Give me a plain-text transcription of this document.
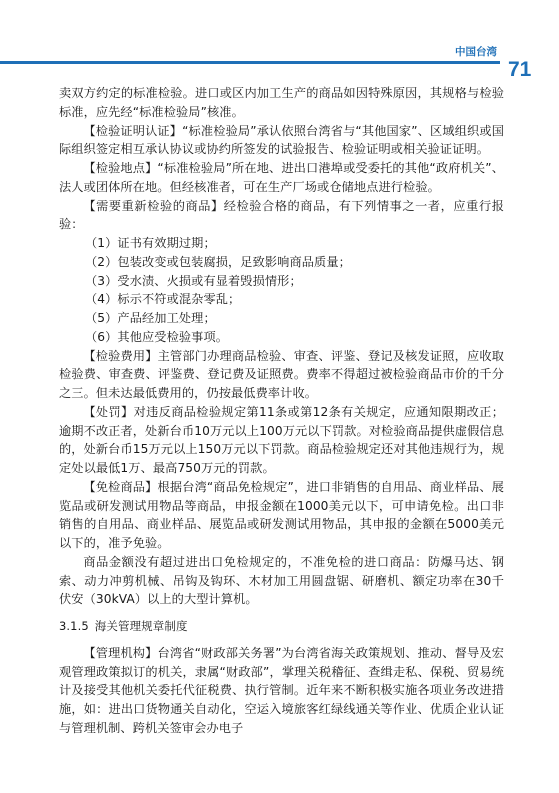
中国台湾
71

卖双方约定的标准检验。进口或区内加工生产的商品如因特殊原因，其规格与检验标准，应先经“标准检验局”核准。

【检验证明认证】“标准检验局”承认依照台湾省与“其他国家”、区域组织或国际组织签定相互承认协议或协约所签发的试验报告、检验证明或相关验证证明。

【检验地点】“标准检验局”所在地、进出口港埠或受委托的其他“政府机关”、法人或团体所在地。但经核准者，可在生产厂场或仓储地点进行检验。

【需要重新检验的商品】经检验合格的商品，有下列情事之一者，应重行报验：

（1）证书有效期过期；

（2）包装改变或包装腐损，足致影响商品质量；

（3）受水渍、火损或有显着毁损情形；

（4）标示不符或混杂零乱；

（5）产品经加工处理；

（6）其他应受检验事项。

【检验费用】主管部门办理商品检验、审查、评鉴、登记及核发证照，应收取检验费、审查费、评鉴费、登记费及证照费。费率不得超过被检验商品市价的千分之三。但未达最低费用的，仍按最低费率计收。

【处罚】对违反商品检验规定第11条或第12条有关规定，应通知限期改正；逾期不改正者，处新台币10万元以上100万元以下罚款。对检验商品提供虚假信息的，处新台币15万元以上150万元以下罚款。商品检验规定还对其他违规行为，规定处以最低1万、最高750万元的罚款。

【免检商品】根据台湾“商品免检规定”，进口非销售的自用品、商业样品、展览品或研发测试用物品等商品，申报金额在1000美元以下，可申请免检。出口非销售的自用品、商业样品、展览品或研发测试用物品，其申报的金额在5000美元以下的，准予免验。

商品金额没有超过进出口免检规定的，不准免检的进口商品：防爆马达、钢索、动力冲剪机械、吊钩及钩环、木材加工用圆盘锯、研磨机、额定功率在30千伏安（30kVA）以上的大型计算机。

3.1.5 海关管理规章制度

【管理机构】台湾省“财政部关务署”为台湾省海关政策规划、推动、督导及宏观管理政策拟订的机关，隶属“财政部”，掌理关税稽征、查缉走私、保税、贸易统计及接受其他机关委托代征税费、执行管制。近年来不断积极实施各项业务改进措施，如：进出口货物通关自动化，空运入境旅客红绿线通关等作业、优质企业认证与管理机制、跨机关签审会办电子
